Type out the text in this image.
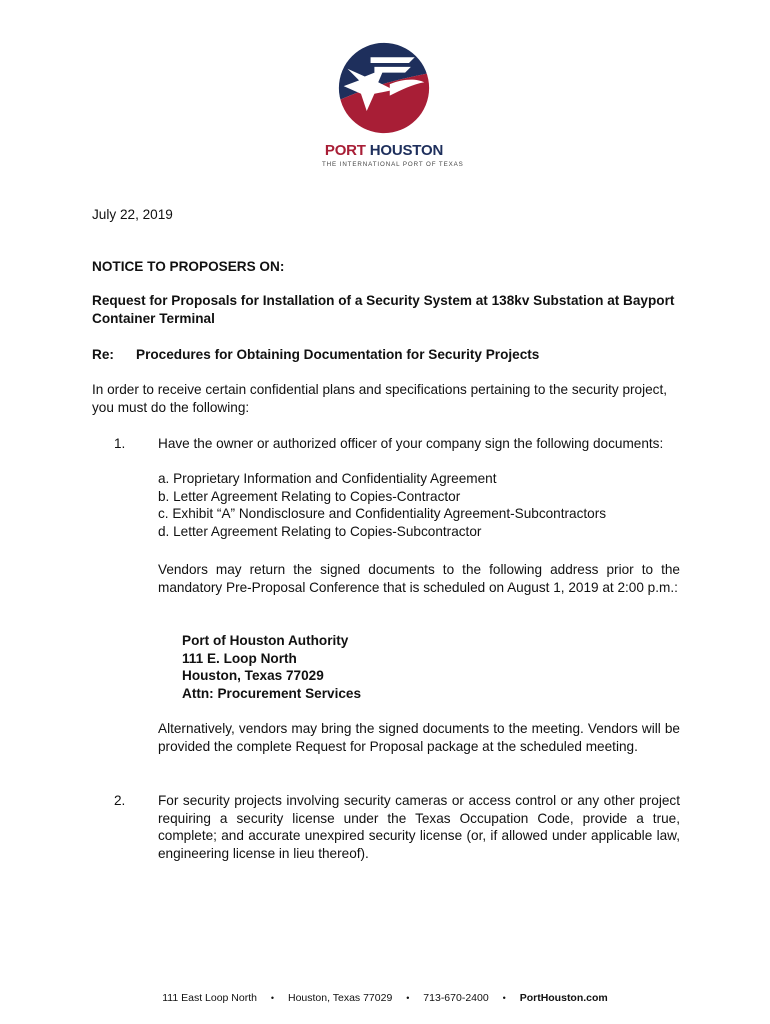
PORT HOUSTON
THE INTERNATIONAL PORT OF TEXAS
July 22, 2019
NOTICE TO PROPOSERS ON:
Request for Proposals for Installation of a Security System at 138kv Substation at Bayport Container Terminal
Re: Procedures for Obtaining Documentation for Security Projects
In order to receive certain confidential plans and specifications pertaining to the security project, you must do the following:
1. Have the owner or authorized officer of your company sign the following documents:
a. Proprietary Information and Confidentiality Agreement
b. Letter Agreement Relating to Copies-Contractor
c. Exhibit “A” Nondisclosure and Confidentiality Agreement-Subcontractors
d. Letter Agreement Relating to Copies-Subcontractor
Vendors may return the signed documents to the following address prior to the mandatory Pre-Proposal Conference that is scheduled on August 1, 2019 at 2:00 p.m.:
Port of Houston Authority
111 E. Loop North
Houston, Texas 77029
Attn: Procurement Services
Alternatively, vendors may bring the signed documents to the meeting. Vendors will be provided the complete Request for Proposal package at the scheduled meeting.
2. For security projects involving security cameras or access control or any other project requiring a security license under the Texas Occupation Code, provide a true, complete; and accurate unexpired security license (or, if allowed under applicable law, engineering license in lieu thereof).
111 East Loop North • Houston, Texas 77029 • 713-670-2400 • PortHouston.com
